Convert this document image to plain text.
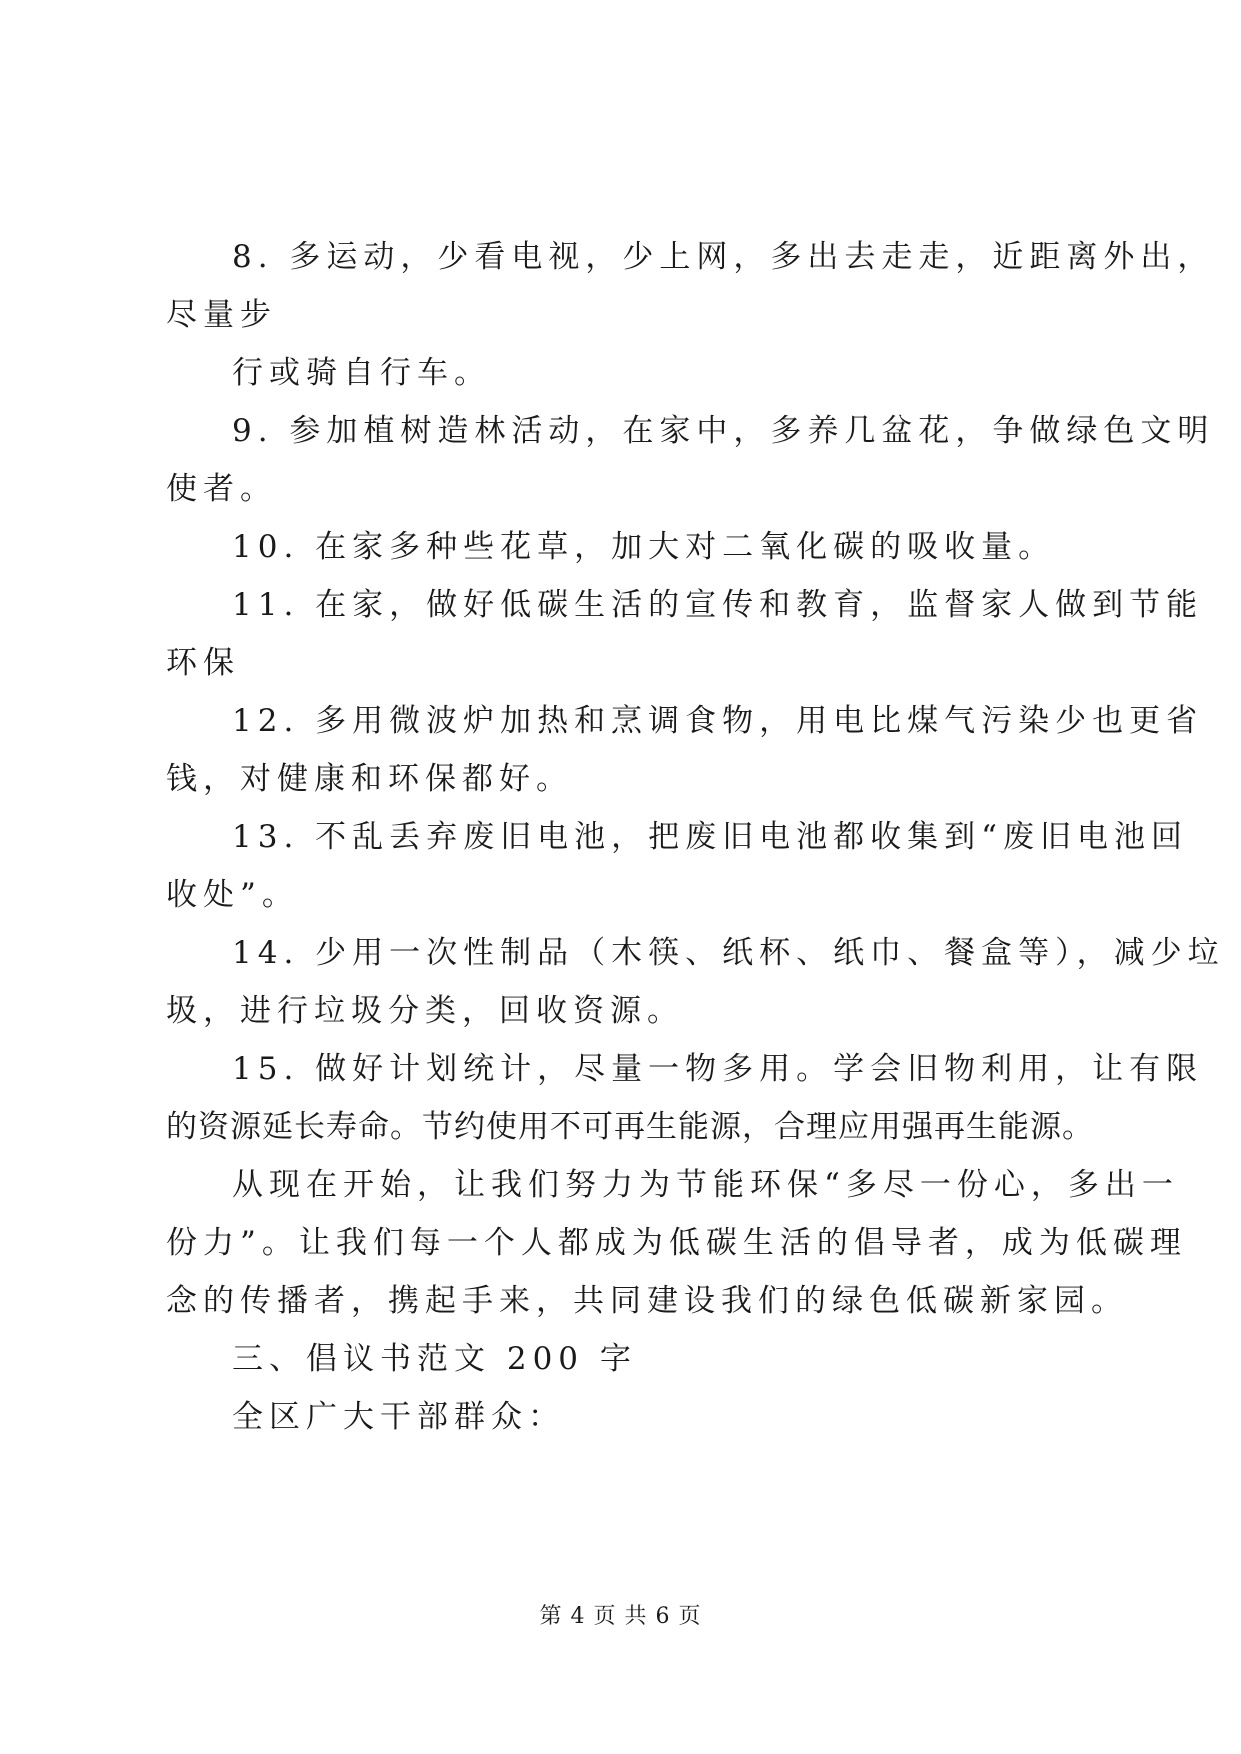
8. 多运动，少看电视，少上网，多出去走走，近距离外出，
尽量步
行或骑自行车。
9. 参加植树造林活动，在家中，多养几盆花，争做绿色文明
使者。
10. 在家多种些花草，加大对二氧化碳的吸收量。
11. 在家，做好低碳生活的宣传和教育，监督家人做到节能
环保
12. 多用微波炉加热和烹调食物，用电比煤气污染少也更省
钱，对健康和环保都好。
13. 不乱丢弃废旧电池，把废旧电池都收集到“废旧电池回
收处”。
14. 少用一次性制品（木筷、纸杯、纸巾、餐盒等），减少垃
圾，进行垃圾分类，回收资源。
15. 做好计划统计，尽量一物多用。学会旧物利用，让有限
的资源延长寿命。节约使用不可再生能源，合理应用强再生能源。
从现在开始，让我们努力为节能环保“多尽一份心，多出一
份力”。让我们每一个人都成为低碳生活的倡导者，成为低碳理
念的传播者，携起手来，共同建设我们的绿色低碳新家园。
三、倡议书范文 200 字
全区广大干部群众：
第 4 页 共 6 页
